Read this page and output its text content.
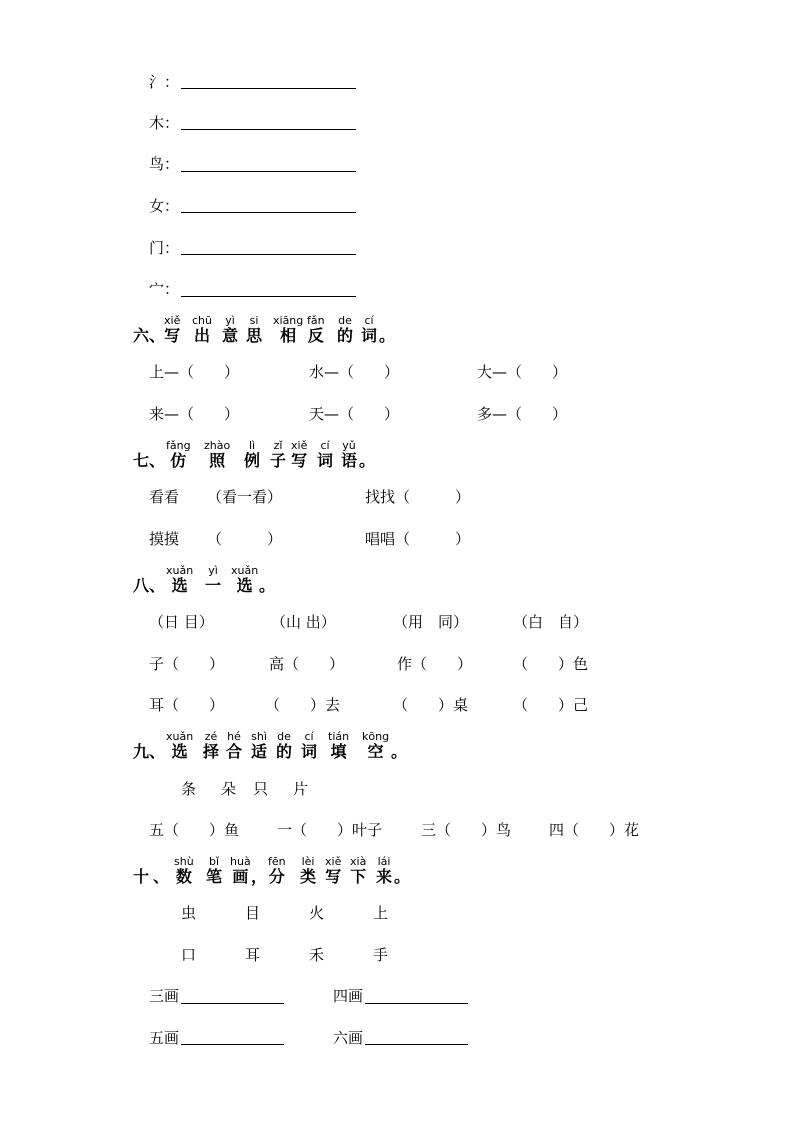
氵：
木：
鸟：
女：
门：
宀：
六、
xiě
写
chū
出
yì
意
si
思
xiāng
相
fǎn
反
de
的
cí
词 。
上—（　　）	水—（　　）	大—（　　）
来—（　　）	天—（　　）	多—（　　）
七、
fǎng
仿
zhào
照
lì
例
zǐ
子
xiě
写
cí
词
yǔ
语 。
看看 （看一看）	找找（　　　）
摸摸 （　　　）	唱唱（　　　）
八、
xuǎn
选
yì
一
xuǎn
选 。
（日 目）	（山 出）	（用　同）	（白　自）
子（　　）	高（　　）	作（　　）	（　　）色
耳（　　）	（　　）去	（　　）桌	（　　）己
九、
xuǎn
选
zé
择
hé
合
shì
适
de
的
cí
词
tián
填
kōng
空 。
条 朵 只 片
五（　　）鱼	一（　　）叶子	三（　　）鸟	四（　　）花
十、
shù
数
bǐ
笔
huà
画 ，
fēn
分
lèi
类
xiě
写
xià
下
lái
来 。
虫	目	火	上
口	耳	禾	手
三画	四画
五画	六画
